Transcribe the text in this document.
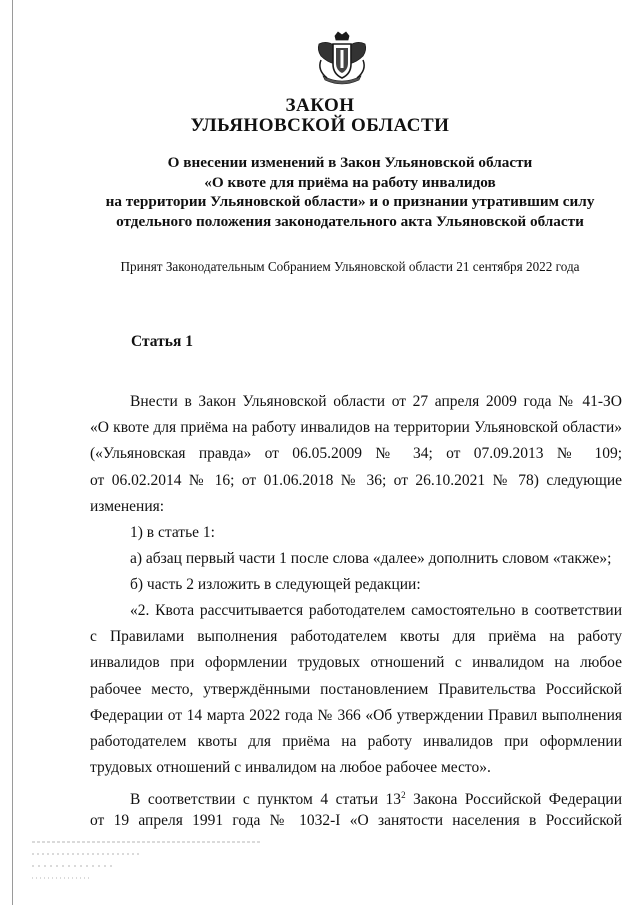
ЗАКОН
УЛЬЯНОВСКОЙ ОБЛАСТИ
О внесении изменений в Закон Ульяновской области
«О квоте для приёма на работу инвалидов
на территории Ульяновской области» и о признании утратившим силу
отдельного положения законодательного акта Ульяновской области
Принят Законодательным Собранием Ульяновской области 21 сентября 2022 года
Статья 1
Внести в Закон Ульяновской области от 27 апреля 2009 года № 41-ЗО
«О квоте для приёма на работу инвалидов на территории Ульяновской области»
(«Ульяновская правда» от 06.05.2009 № 34; от 07.09.2013 № 109;
от 06.02.2014 № 16; от 01.06.2018 № 36; от 26.10.2021 № 78) следующие
изменения:
1) в статье 1:
а) абзац первый части 1 после слова «далее» дополнить словом «также»;
б) часть 2 изложить в следующей редакции:
«2. Квота рассчитывается работодателем самостоятельно в соответствии
с Правилами выполнения работодателем квоты для приёма на работу
инвалидов при оформлении трудовых отношений с инвалидом на любое
рабочее место, утверждёнными постановлением Правительства Российской
Федерации от 14 марта 2022 года № 366 «Об утверждении Правил выполнения
работодателем квоты для приёма на работу инвалидов при оформлении
трудовых отношений с инвалидом на любое рабочее место».
В соответствии с пунктом 4 статьи $13^2$ Закона Российской Федерации
от 19 апреля 1991 года № 1032-I «О занятости населения в Российской
